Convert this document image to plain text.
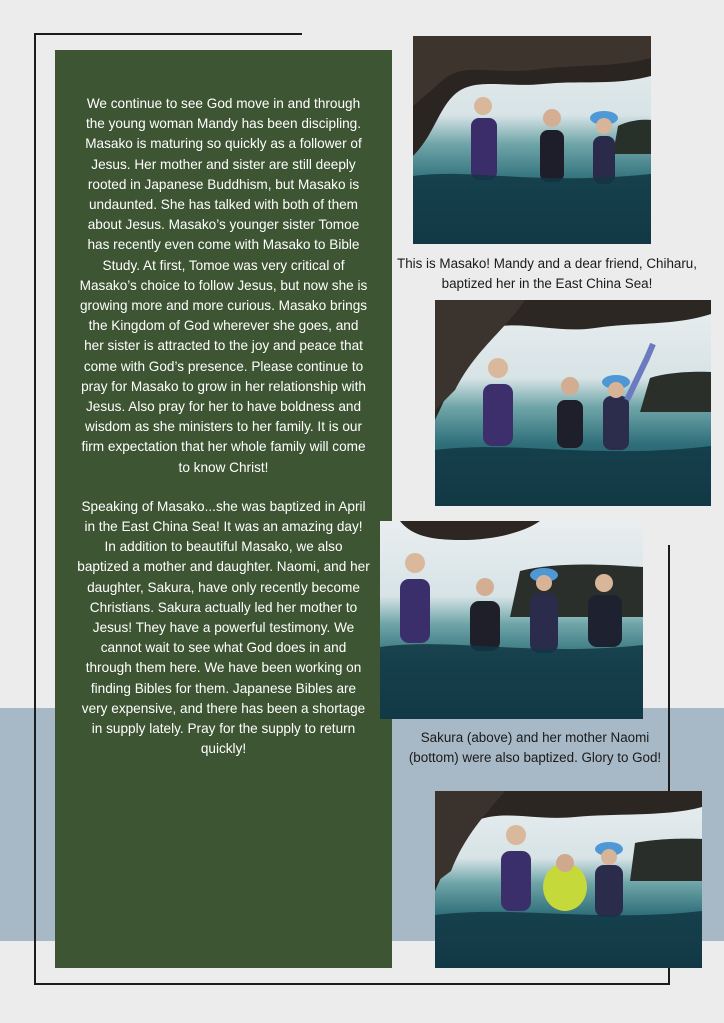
We continue to see God move in and through the young woman Mandy has been discipling. Masako is maturing so quickly as a follower of Jesus. Her mother and sister are still deeply rooted in Japanese Buddhism, but Masako is undaunted. She has talked with both of them about Jesus. Masako’s younger sister Tomoe has recently even come with Masako to Bible Study. At first, Tomoe was very critical of Masako’s choice to follow Jesus, but now she is growing more and more curious. Masako brings the Kingdom of God wherever she goes, and her sister is attracted to the joy and peace that come with God’s presence. Please continue to pray for Masako to grow in her relationship with Jesus. Also pray for her to have boldness and wisdom as she ministers to her family. It is our firm expectation that her whole family will come to know Christ!

Speaking of Masako...she was baptized in April in the East China Sea! It was an amazing day! In addition to beautiful Masako, we also baptized a mother and daughter. Naomi, and her daughter, Sakura, have only recently become Christians. Sakura actually led her mother to Jesus! They have a powerful testimony. We cannot wait to see what God does in and through them here. We have been working on finding Bibles for them. Japanese Bibles are very expensive, and there has been a shortage in supply lately. Pray for the supply to return quickly!

This is Masako! Mandy and a dear friend, Chiharu, baptized her in the East China Sea!
Sakura (above) and her mother Naomi (bottom) were also baptized. Glory to God!
